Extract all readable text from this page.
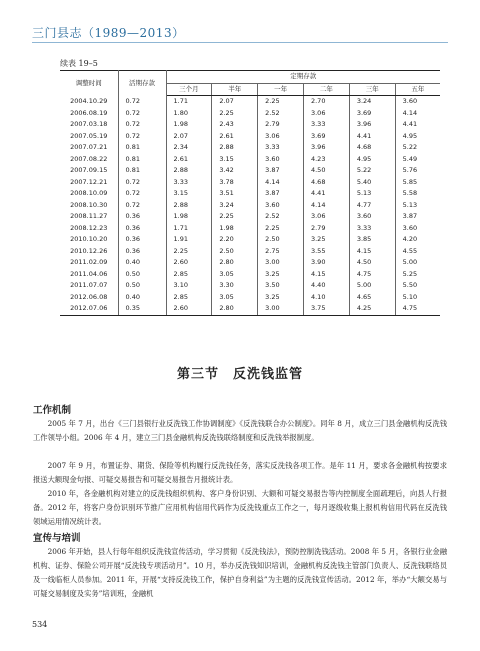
三门县志（1989—2013）
续表 19–5
调整时间	活期存款	定期存款					
		三个月	半年	一年	二年	三年	五年
2004.10.29	0.72	1.71	2.07	2.25	2.70	3.24	3.60
2006.08.19	0.72	1.80	2.25	2.52	3.06	3.69	4.14
2007.03.18	0.72	1.98	2.43	2.79	3.33	3.96	4.41
2007.05.19	0.72	2.07	2.61	3.06	3.69	4.41	4.95
2007.07.21	0.81	2.34	2.88	3.33	3.96	4.68	5.22
2007.08.22	0.81	2.61	3.15	3.60	4.23	4.95	5.49
2007.09.15	0.81	2.88	3.42	3.87	4.50	5.22	5.76
2007.12.21	0.72	3.33	3.78	4.14	4.68	5.40	5.85
2008.10.09	0.72	3.15	3.51	3.87	4.41	5.13	5.58
2008.10.30	0.72	2.88	3.24	3.60	4.14	4.77	5.13
2008.11.27	0.36	1.98	2.25	2.52	3.06	3.60	3.87
2008.12.23	0.36	1.71	1.98	2.25	2.79	3.33	3.60
2010.10.20	0.36	1.91	2.20	2.50	3.25	3.85	4.20
2010.12.26	0.36	2.25	2.50	2.75	3.55	4.15	4.55
2011.02.09	0.40	2.60	2.80	3.00	3.90	4.50	5.00
2011.04.06	0.50	2.85	3.05	3.25	4.15	4.75	5.25
2011.07.07	0.50	3.10	3.30	3.50	4.40	5.00	5.50
2012.06.08	0.40	2.85	3.05	3.25	4.10	4.65	5.10
2012.07.06	0.35	2.60	2.80	3.00	3.75	4.25	4.75
第三节 反洗钱监管
工作机制

2005 年 7 月，出台《三门县银行业反洗钱工作协调制度》《反洗钱联合办公制度》。同年 8 月，成立三门县金融机构反洗钱工作领导小组。2006 年 4 月，建立三门县金融机构反洗钱联络制度和反洗钱举报制度。

2007 年 9 月，布置证券、期货、保险等机构履行反洗钱任务，落实反洗钱各项工作。是年 11 月，要求各金融机构按要求报送大额现金句报、可疑交易报告和可疑交易报告月报统计表。

2010 年，各金融机构对建立的反洗钱组织机构、客户身份识别、大额和可疑交易报告等内控制度全面疏理后，向县人行报备。2012 年，将客户身份识别环节推广应用机构信用代码作为反洗钱重点工作之一，每月逐级收集上报机构信用代码在反洗钱领域运用情况统计表。

宣传与培训

2006 年开始，县人行每年组织反洗钱宣传活动，学习贯彻《反洗钱法》，预防控制洗钱活动。2008 年 5 月，各银行业金融机构、证券、保险公司开展“反洗钱专项活动月”。10 月，举办反洗钱知识培训，金融机构反洗钱主管部门负责人、反洗钱联络员及一线临柜人员参加。2011 年，开展“支持反洗钱工作，保护自身利益”为主题的反洗钱宣传活动。2012 年，举办“大额交易与可疑交易制度及实务”培训班，金融机

534
